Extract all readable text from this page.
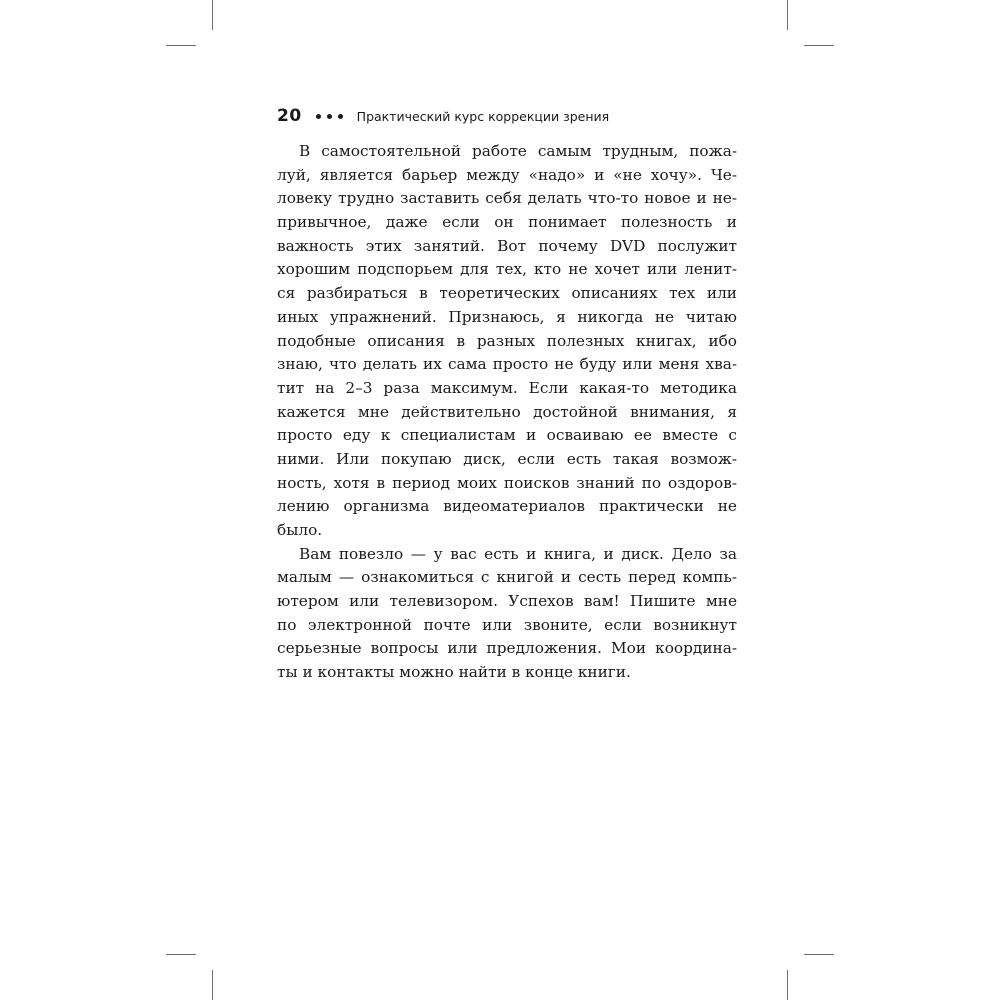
20	Практический курс коррекции зрения
В самостоятельной работе самым трудным, пожа-
луй, является барьер между «надо» и «не хочу». Че-
ловеку трудно заставить себя делать что-то новое и не-
привычное, даже если он понимает полезность и
важность этих занятий. Вот почему DVD послужит
хорошим подспорьем для тех, кто не хочет или ленит-
ся разбираться в теоретических описаниях тех или
иных упражнений. Признаюсь, я никогда не читаю
подобные описания в разных полезных книгах, ибо
знаю, что делать их сама просто не буду или меня хва-
тит на 2–3 раза максимум. Если какая-то методика
кажется мне действительно достойной внимания, я
просто еду к специалистам и осваиваю ее вместе с
ними. Или покупаю диск, если есть такая возмож-
ность, хотя в период моих поисков знаний по оздоров-
лению организма видеоматериалов практически не
было.
Вам повезло — у вас есть и книга, и диск. Дело за
малым — ознакомиться с книгой и сесть перед компь-
ютером или телевизором. Успехов вам! Пишите мне
по электронной почте или звоните, если возникнут
серьезные вопросы или предложения. Мои координа-
ты и контакты можно найти в конце книги.
